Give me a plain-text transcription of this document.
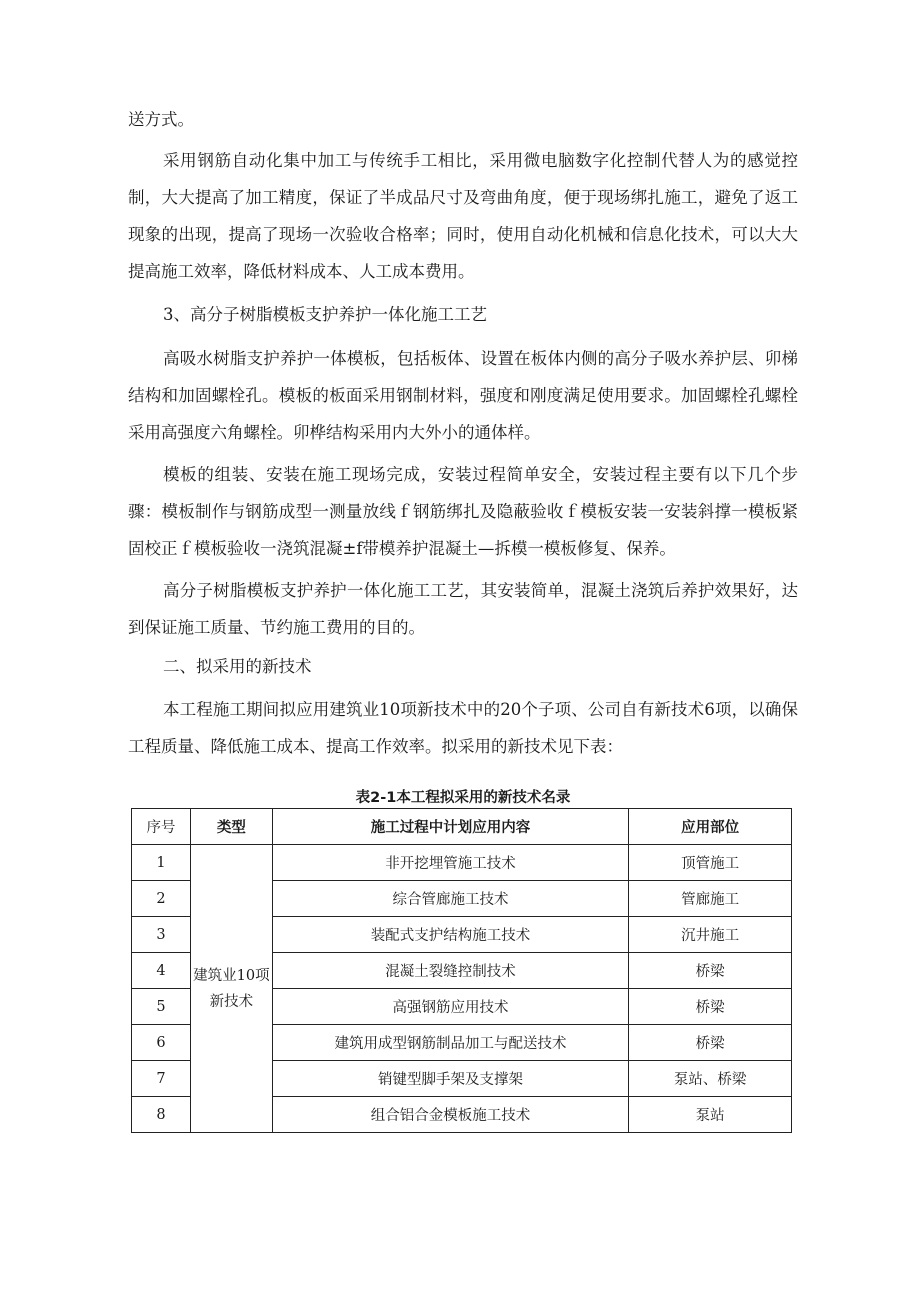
送方式。

采用钢筋自动化集中加工与传统手工相比，采用微电脑数字化控制代替人为的感觉控制，大大提高了加工精度，保证了半成品尺寸及弯曲角度，便于现场绑扎施工，避免了返工现象的出现，提高了现场一次验收合格率；同时，使用自动化机械和信息化技术，可以大大提高施工效率，降低材料成本、人工成本费用。

3、高分子树脂模板支护养护一体化施工工艺

高吸水树脂支护养护一体模板，包括板体、设置在板体内侧的高分子吸水养护层、卯梯结构和加固螺栓孔。模板的板面采用钢制材料，强度和刚度满足使用要求。加固螺栓孔螺栓采用高强度六角螺栓。卯桦结构采用内大外小的通体样。

模板的组装、安装在施工现场完成，安装过程简单安全，安装过程主要有以下几个步骤：模板制作与钢筋成型一测量放线ｆ钢筋绑扎及隐蔽验收ｆ模板安装一安装斜撑一模板紧固校正ｆ模板验收一浇筑混凝±f带模养护混凝土—拆模一模板修复、保养。

高分子树脂模板支护养护一体化施工工艺，其安装简单，混凝土浇筑后养护效果好，达到保证施工质量、节约施工费用的目的。

二、拟采用的新技术

本工程施工期间拟应用建筑业10项新技术中的20个子项、公司自有新技术6项，以确保工程质量、降低施工成本、提高工作效率。拟采用的新技术见下表：

表2-1本工程拟采用的新技术名录
序号	类型	施工过程中计划应用内容	应用部位
1	建筑业10项新技术	非开挖埋管施工技术	顶管施工
2		综合管廊施工技术	管廊施工
3		装配式支护结构施工技术	沉井施工
4		混凝土裂缝控制技术	桥梁
5		高强钢筋应用技术	桥梁
6		建筑用成型钢筋制品加工与配送技术	桥梁
7		销键型脚手架及支撑架	泵站、桥梁
8		组合铝合金模板施工技术	泵站
